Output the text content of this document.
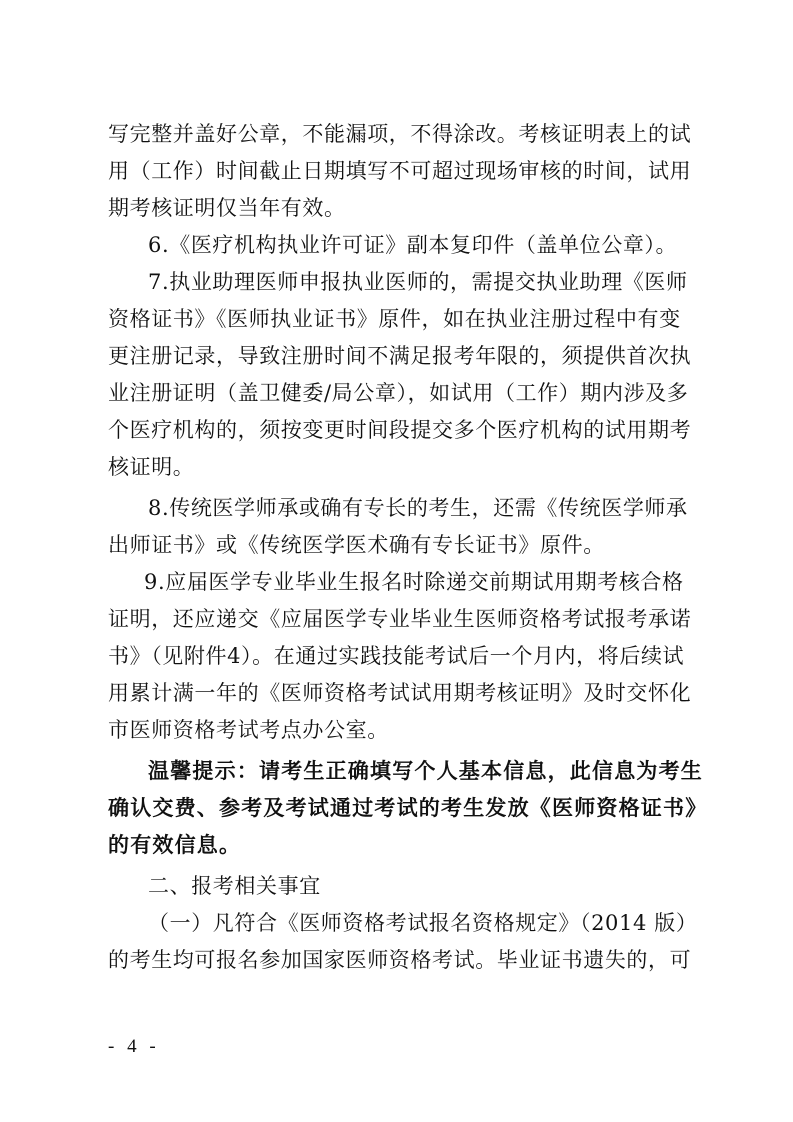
写完整并盖好公章，不能漏项，不得涂改。考核证明表上的试
用（工作）时间截止日期填写不可超过现场审核的时间，试用
期考核证明仅当年有效。
6.《医疗机构执业许可证》副本复印件（盖单位公章）。
7.执业助理医师申报执业医师的，需提交执业助理《医师
资格证书》《医师执业证书》原件，如在执业注册过程中有变
更注册记录，导致注册时间不满足报考年限的，须提供首次执
业注册证明（盖卫健委/局公章），如试用（工作）期内涉及多
个医疗机构的，须按变更时间段提交多个医疗机构的试用期考
核证明。
8.传统医学师承或确有专长的考生，还需《传统医学师承
出师证书》或《传统医学医术确有专长证书》原件。
9.应届医学专业毕业生报名时除递交前期试用期考核合格
证明，还应递交《应届医学专业毕业生医师资格考试报考承诺
书》（见附件4）。在通过实践技能考试后一个月内，将后续试
用累计满一年的《医师资格考试试用期考核证明》及时交怀化
市医师资格考试考点办公室。
温馨提示：请考生正确填写个人基本信息，此信息为考生
确认交费、参考及考试通过考试的考生发放《医师资格证书》
的有效信息。
二、报考相关事宜
（一）凡符合《医师资格考试报名资格规定》（2014 版）
的考生均可报名参加国家医师资格考试。毕业证书遗失的，可
- 4 -
